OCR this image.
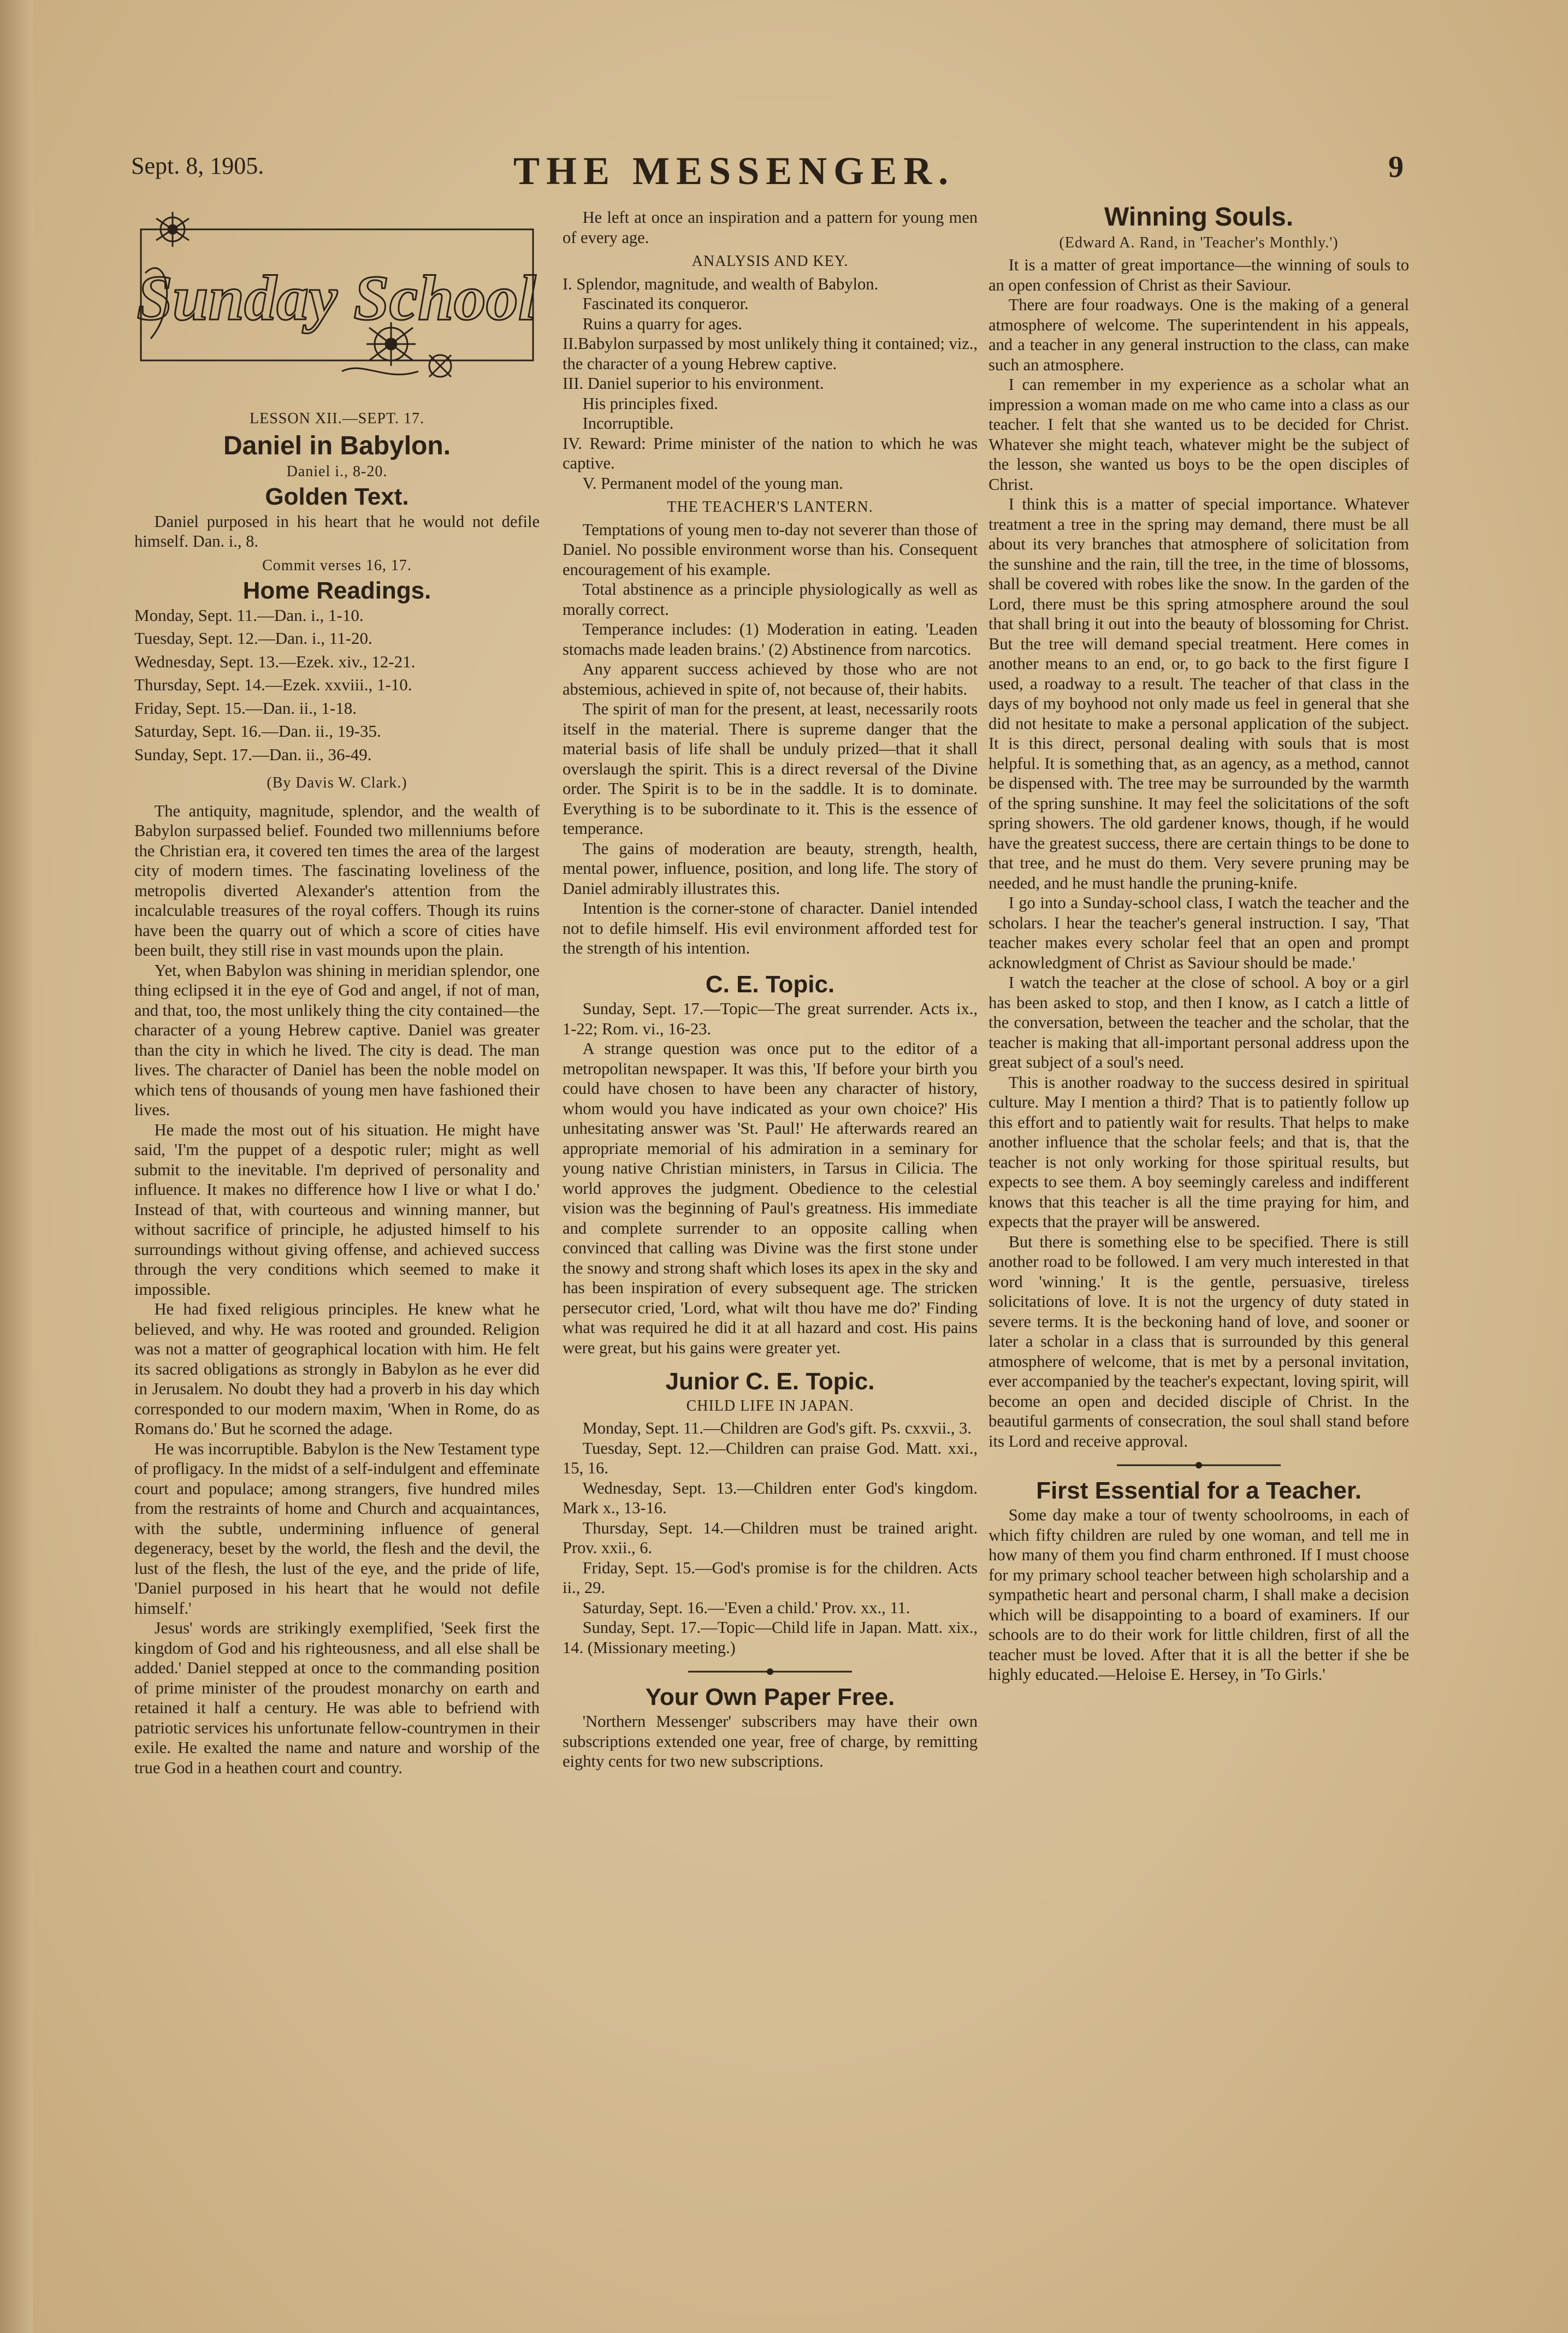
Sept. 8, 1905.	THE MESSENGER.	9
Sunday School
LESSON XII.—SEPT. 17.
Daniel in Babylon.
Daniel i., 8-20.
Golden Text.

Daniel purposed in his heart that he would not defile himself. Dan. i., 8.

Commit verses 16, 17.
Home Readings.

Monday, Sept. 11.—Dan. i., 1-10.

Tuesday, Sept. 12.—Dan. i., 11-20.

Wednesday, Sept. 13.—Ezek. xiv., 12-21.

Thursday, Sept. 14.—Ezek. xxviii., 1-10.

Friday, Sept. 15.—Dan. ii., 1-18.

Saturday, Sept. 16.—Dan. ii., 19-35.

Sunday, Sept. 17.—Dan. ii., 36-49.

(By Davis W. Clark.)

The antiquity, magnitude, splendor, and the wealth of Babylon surpassed belief. Founded two millenniums before the Christian era, it covered ten times the area of the largest city of modern times. The fascinating loveliness of the metropolis diverted Alexander's attention from the incalculable treasures of the royal coffers. Though its ruins have been the quarry out of which a score of cities have been built, they still rise in vast mounds upon the plain.

Yet, when Babylon was shining in meridian splendor, one thing eclipsed it in the eye of God and angel, if not of man, and that, too, the most unlikely thing the city contained—the character of a young Hebrew captive. Daniel was greater than the city in which he lived. The city is dead. The man lives. The character of Daniel has been the noble model on which tens of thousands of young men have fashioned their lives.

He made the most out of his situation. He might have said, 'I'm the puppet of a despotic ruler; might as well submit to the inevitable. I'm deprived of personality and influence. It makes no difference how I live or what I do.' Instead of that, with courteous and winning manner, but without sacrifice of principle, he adjusted himself to his surroundings without giving offense, and achieved success through the very conditions which seemed to make it impossible.

He had fixed religious principles. He knew what he believed, and why. He was rooted and grounded. Religion was not a matter of geographical location with him. He felt its sacred obligations as strongly in Babylon as he ever did in Jerusalem. No doubt they had a proverb in his day which corresponded to our modern maxim, 'When in Rome, do as Romans do.' But he scorned the adage.

He was incorruptible. Babylon is the New Testament type of profligacy. In the midst of a self-indulgent and effeminate court and populace; among strangers, five hundred miles from the restraints of home and Church and acquaintances, with the subtle, undermining influence of general degeneracy, beset by the world, the flesh and the devil, the lust of the flesh, the lust of the eye, and the pride of life, 'Daniel purposed in his heart that he would not defile himself.'

Jesus' words are strikingly exemplified, 'Seek first the kingdom of God and his righteousness, and all else shall be added.' Daniel stepped at once to the commanding position of prime minister of the proudest monarchy on earth and retained it half a century. He was able to befriend with patriotic services his unfortunate fellow-countrymen in their exile. He exalted the name and nature and worship of the true God in a heathen court and country.

He left at once an inspiration and a pattern for young men of every age.

ANALYSIS AND KEY.

I. Splendor, magnitude, and wealth of Babylon.

Fascinated its conqueror.

Ruins a quarry for ages.

II.Babylon surpassed by most unlikely thing it contained; viz., the character of a young Hebrew captive.

III. Daniel superior to his environment.

His principles fixed.

Incorruptible.

IV. Reward: Prime minister of the nation to which he was captive.

V. Permanent model of the young man.

THE TEACHER'S LANTERN.

Temptations of young men to-day not severer than those of Daniel. No possible environment worse than his. Consequent encouragement of his example.

Total abstinence as a principle physiologically as well as morally correct.

Temperance includes: (1) Moderation in eating. 'Leaden stomachs made leaden brains.' (2) Abstinence from narcotics.

Any apparent success achieved by those who are not abstemious, achieved in spite of, not because of, their habits.

The spirit of man for the present, at least, necessarily roots itself in the material. There is supreme danger that the material basis of life shall be unduly prized—that it shall overslaugh the spirit. This is a direct reversal of the Divine order. The Spirit is to be in the saddle. It is to dominate. Everything is to be subordinate to it. This is the essence of temperance.

The gains of moderation are beauty, strength, health, mental power, influence, position, and long life. The story of Daniel admirably illustrates this.

Intention is the corner-stone of character. Daniel intended not to defile himself. His evil environment afforded test for the strength of his intention.

C. E. Topic.

Sunday, Sept. 17.—Topic—The great surrender. Acts ix., 1-22; Rom. vi., 16-23.

A strange question was once put to the editor of a metropolitan newspaper. It was this, 'If before your birth you could have chosen to have been any character of history, whom would you have indicated as your own choice?' His unhesitating answer was 'St. Paul!' He afterwards reared an appropriate memorial of his admiration in a seminary for young native Christian ministers, in Tarsus in Cilicia. The world approves the judgment. Obedience to the celestial vision was the beginning of Paul's greatness. His immediate and complete surrender to an opposite calling when convinced that calling was Divine was the first stone under the snowy and strong shaft which loses its apex in the sky and has been inspiration of every subsequent age. The stricken persecutor cried, 'Lord, what wilt thou have me do?' Finding what was required he did it at all hazard and cost. His pains were great, but his gains were greater yet.

Junior C. E. Topic.
CHILD LIFE IN JAPAN.

Monday, Sept. 11.—Children are God's gift. Ps. cxxvii., 3.

Tuesday, Sept. 12.—Children can praise God. Matt. xxi., 15, 16.

Wednesday, Sept. 13.—Children enter God's kingdom. Mark x., 13-16.

Thursday, Sept. 14.—Children must be trained aright. Prov. xxii., 6.

Friday, Sept. 15.—God's promise is for the children. Acts ii., 29.

Saturday, Sept. 16.—'Even a child.' Prov. xx., 11.

Sunday, Sept. 17.—Topic—Child life in Japan. Matt. xix., 14. (Missionary meeting.)

Your Own Paper Free.

'Northern Messenger' subscribers may have their own subscriptions extended one year, free of charge, by remitting eighty cents for two new subscriptions.

Winning Souls.
(Edward A. Rand, in 'Teacher's Monthly.')

It is a matter of great importance—the winning of souls to an open confession of Christ as their Saviour.

There are four roadways. One is the making of a general atmosphere of welcome. The superintendent in his appeals, and a teacher in any general instruction to the class, can make such an atmosphere.

I can remember in my experience as a scholar what an impression a woman made on me who came into a class as our teacher. I felt that she wanted us to be decided for Christ. Whatever she might teach, whatever might be the subject of the lesson, she wanted us boys to be the open disciples of Christ.

I think this is a matter of special importance. Whatever treatment a tree in the spring may demand, there must be all about its very branches that atmosphere of solicitation from the sunshine and the rain, till the tree, in the time of blossoms, shall be covered with robes like the snow. In the garden of the Lord, there must be this spring atmosphere around the soul that shall bring it out into the beauty of blossoming for Christ. But the tree will demand special treatment. Here comes in another means to an end, or, to go back to the first figure I used, a roadway to a result. The teacher of that class in the days of my boyhood not only made us feel in general that she did not hesitate to make a personal application of the subject. It is this direct, personal dealing with souls that is most helpful. It is something that, as an agency, as a method, cannot be dispensed with. The tree may be surrounded by the warmth of the spring sunshine. It may feel the solicitations of the soft spring showers. The old gardener knows, though, if he would have the greatest success, there are certain things to be done to that tree, and he must do them. Very severe pruning may be needed, and he must handle the pruning-knife.

I go into a Sunday-school class, I watch the teacher and the scholars. I hear the teacher's general instruction. I say, 'That teacher makes every scholar feel that an open and prompt acknowledgment of Christ as Saviour should be made.'

I watch the teacher at the close of school. A boy or a girl has been asked to stop, and then I know, as I catch a little of the conversation, between the teacher and the scholar, that the teacher is making that all-important personal address upon the great subject of a soul's need.

This is another roadway to the success desired in spiritual culture. May I mention a third? That is to patiently follow up this effort and to patiently wait for results. That helps to make another influence that the scholar feels; and that is, that the teacher is not only working for those spiritual results, but expects to see them. A boy seemingly careless and indifferent knows that this teacher is all the time praying for him, and expects that the prayer will be answered.

But there is something else to be specified. There is still another road to be followed. I am very much interested in that word 'winning.' It is the gentle, persuasive, tireless solicitations of love. It is not the urgency of duty stated in severe terms. It is the beckoning hand of love, and sooner or later a scholar in a class that is surrounded by this general atmosphere of welcome, that is met by a personal invitation, ever accompanied by the teacher's expectant, loving spirit, will become an open and decided disciple of Christ. In the beautiful garments of consecration, the soul shall stand before its Lord and receive approval.

First Essential for a Teacher.

Some day make a tour of twenty schoolrooms, in each of which fifty children are ruled by one woman, and tell me in how many of them you find charm enthroned. If I must choose for my primary school teacher between high scholarship and a sympathetic heart and personal charm, I shall make a decision which will be disappointing to a board of examiners. If our schools are to do their work for little children, first of all the teacher must be loved. After that it is all the better if she be highly educated.—Heloise E. Hersey, in 'To Girls.'
